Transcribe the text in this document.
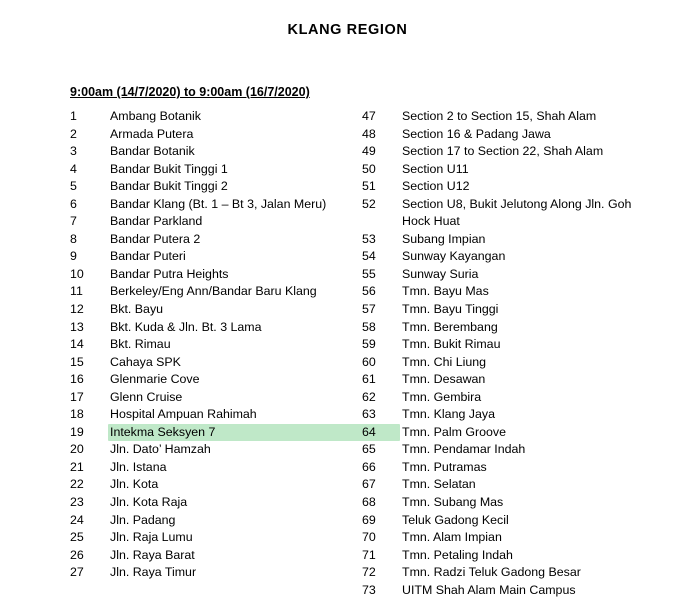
KLANG REGION
9:00am (14/7/2020) to 9:00am (16/7/2020)
1	Ambang Botanik
2	Armada Putera
3	Bandar Botanik
4	Bandar Bukit Tinggi 1
5	Bandar Bukit Tinggi 2
6	Bandar Klang (Bt. 1 – Bt 3, Jalan Meru)
7	Bandar Parkland
8	Bandar Putera 2
9	Bandar Puteri
10	Bandar Putra Heights
11	Berkeley/Eng Ann/Bandar Baru Klang
12	Bkt. Bayu
13	Bkt. Kuda & Jln. Bt. 3 Lama
14	Bkt. Rimau
15	Cahaya SPK
16	Glenmarie Cove
17	Glenn Cruise
18	Hospital Ampuan Rahimah
19	Intekma Seksyen 7
20	Jln. Dato’ Hamzah
21	Jln. Istana
22	Jln. Kota
23	Jln. Kota Raja
24	Jln. Padang
25	Jln. Raja Lumu
26	Jln. Raya Barat
27	Jln. Raya Timur
47	Section 2 to Section 15, Shah Alam
48	Section 16 & Padang Jawa
49	Section 17 to Section 22, Shah Alam
50	Section U11
51	Section U12
52	Section U8, Bukit Jelutong Along Jln. Goh
Hock Huat
53	Subang Impian
54	Sunway Kayangan
55	Sunway Suria
56	Tmn. Bayu Mas
57	Tmn. Bayu Tinggi
58	Tmn. Berembang
59	Tmn. Bukit Rimau
60	Tmn. Chi Liung
61	Tmn. Desawan
62	Tmn. Gembira
63	Tmn. Klang Jaya
64	Tmn. Palm Groove
65	Tmn. Pendamar Indah
66	Tmn. Putramas
67	Tmn. Selatan
68	Tmn. Subang Mas
69	Teluk Gadong Kecil
70	Tmn. Alam Impian
71	Tmn. Petaling Indah
72	Tmn. Radzi Teluk Gadong Besar
73	UITM Shah Alam Main Campus
